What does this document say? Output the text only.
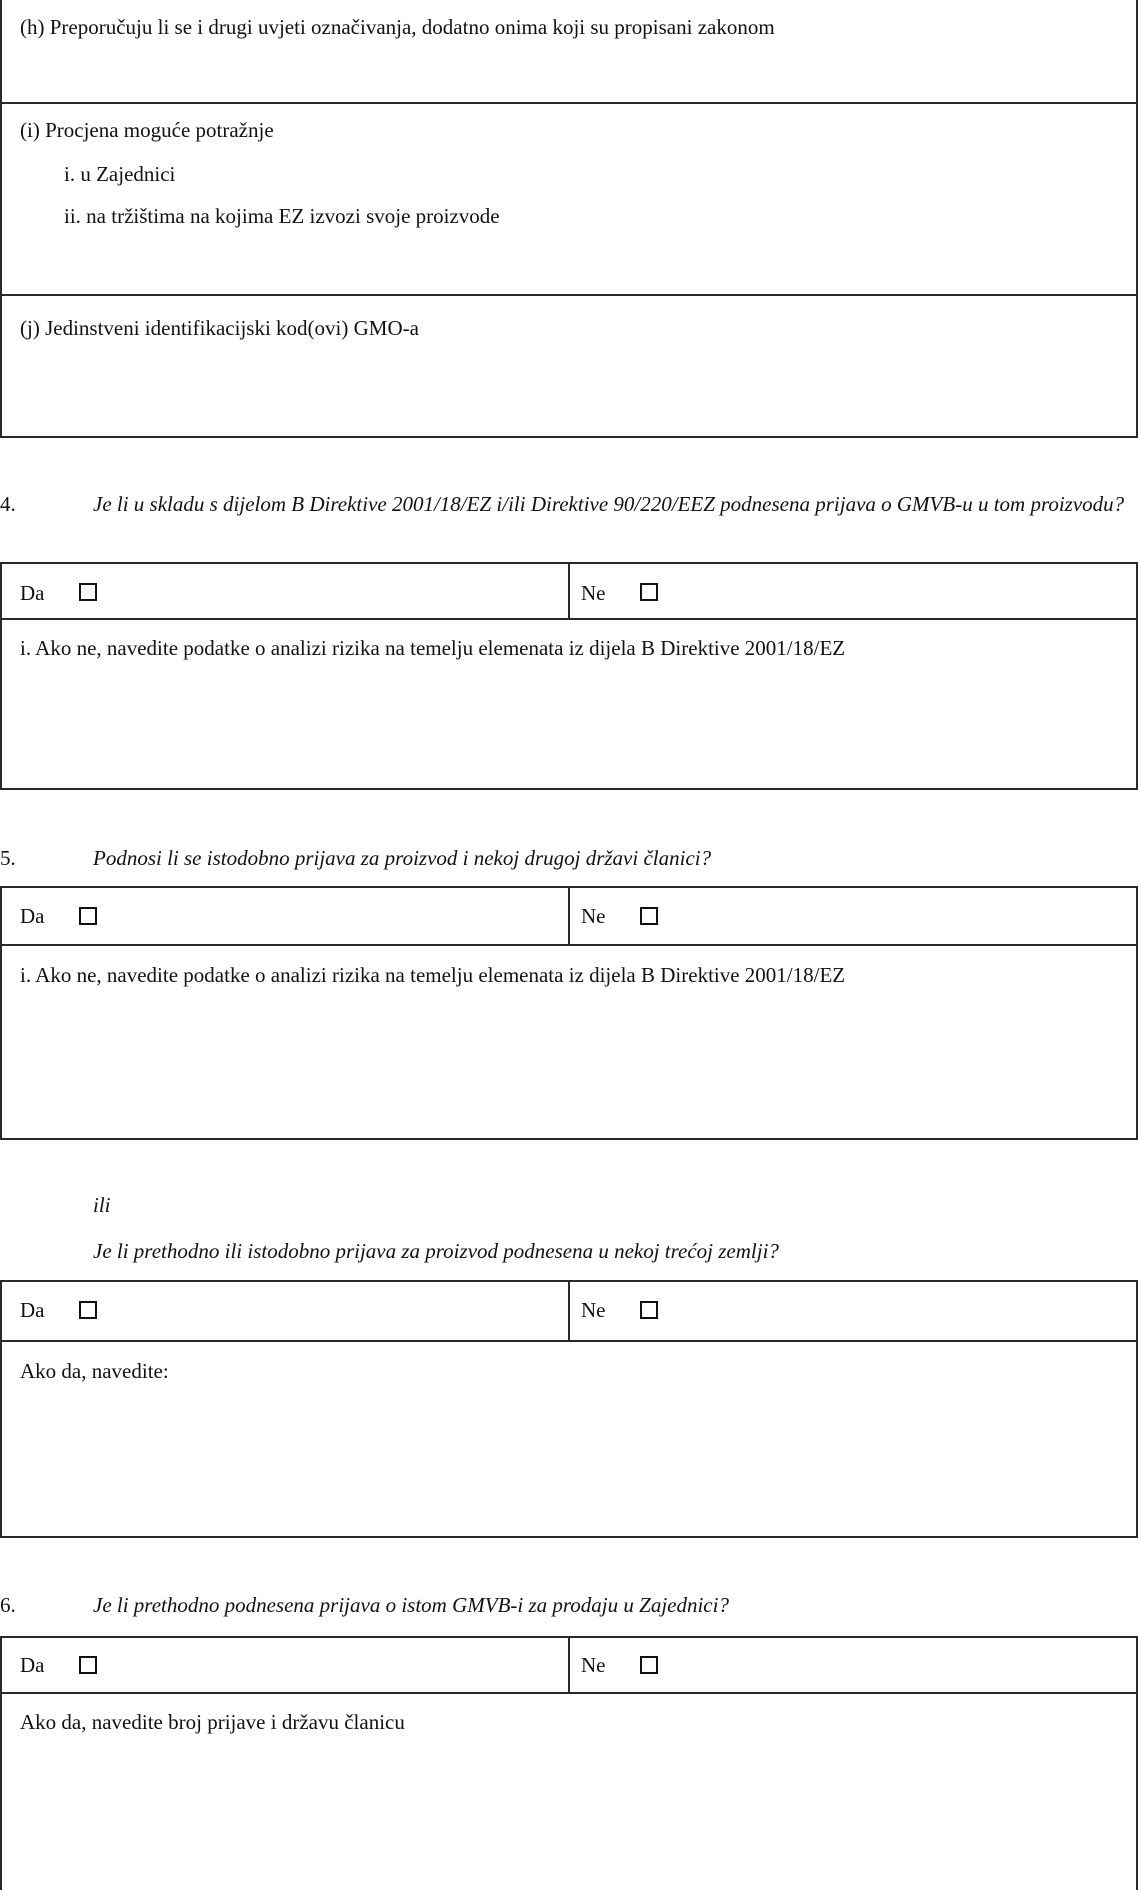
(h) Preporučuju li se i drugi uvjeti označivanja, dodatno onima koji su propisani zakonom
(i) Procjena moguće potražnje
i. u Zajednici
ii. na tržištima na kojima EZ izvozi svoje proizvode
(j) Jedinstveni identifikacijski kod(ovi) GMO-a
4.	Je li u skladu s dijelom B Direktive 2001/18/EZ i/ili Direktive 90/220/EEZ podnesena prijava o GMVB-u u tom proizvodu?
Da	Ne
i. Ako ne, navedite podatke o analizi rizika na temelju elemenata iz dijela B Direktive 2001/18/EZ
5.	Podnosi li se istodobno prijava za proizvod i nekoj drugoj državi članici?
Da	Ne
i. Ako ne, navedite podatke o analizi rizika na temelju elemenata iz dijela B Direktive 2001/18/EZ
ili
Je li prethodno ili istodobno prijava za proizvod podnesena u nekoj trećoj zemlji?
Da	Ne
Ako da, navedite:
6.	Je li prethodno podnesena prijava o istom GMVB-i za prodaju u Zajednici?
Da	Ne
Ako da, navedite broj prijave i državu članicu
